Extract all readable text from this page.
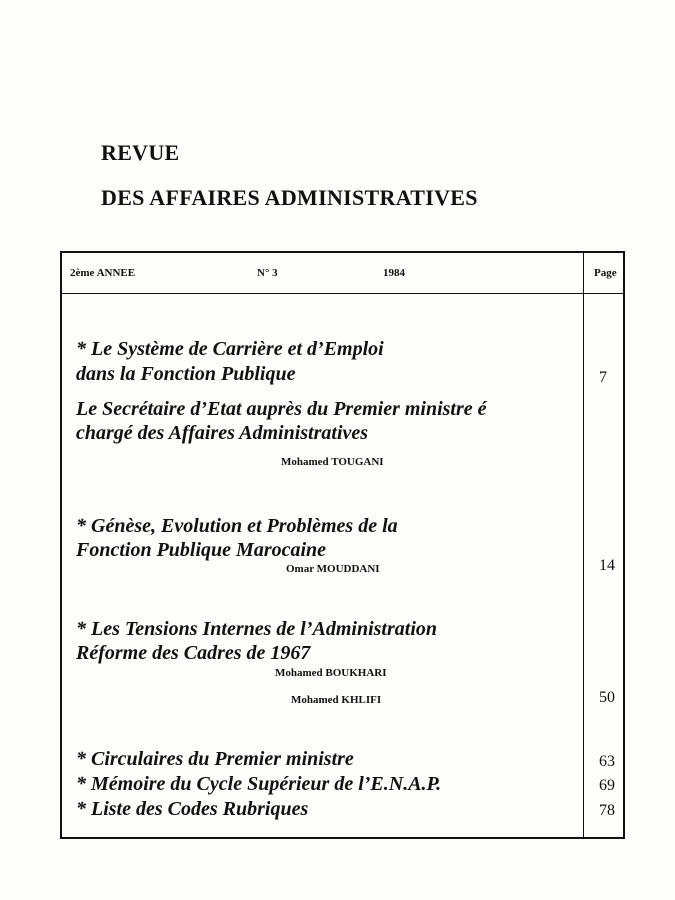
REVUE
DES AFFAIRES ADMINISTRATIVES
2ème ANNEE	N° 3	1984	Page
* Le Système de Carrière et d’Emploi
dans la Fonction Publique	7
Le Secrétaire d’Etat auprès du Premier ministre é
chargé des Affaires Administratives
Mohamed TOUGANI
* Génèse, Evolution et Problèmes de la
Fonction Publique Marocaine
Omar MOUDDANI	14
* Les Tensions Internes de l’Administration
Réforme des Cadres de 1967
Mohamed BOUKHARI
Mohamed KHLIFI	50
* Circulaires du Premier ministre	63
* Mémoire du Cycle Supérieur de l’E.N.A.P.	69
* Liste des Codes Rubriques	78
